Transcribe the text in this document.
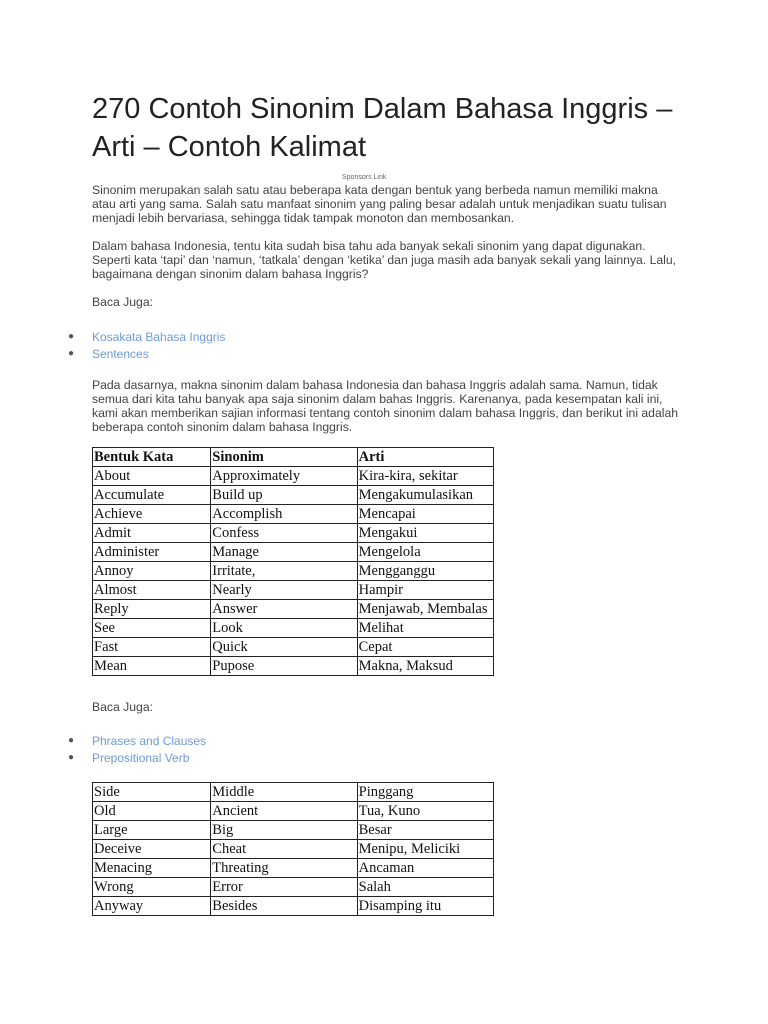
270 Contoh Sinonim Dalam Bahasa Inggris – Arti – Contoh Kalimat
Sponsors Link

Sinonim merupakan salah satu atau beberapa kata dengan bentuk yang berbeda namun memiliki makna atau arti yang sama. Salah satu manfaat sinonim yang paling besar adalah untuk menjadikan suatu tulisan menjadi lebih bervariasa, sehingga tidak tampak monoton dan membosankan.

Dalam bahasa Indonesia, tentu kita sudah bisa tahu ada banyak sekali sinonim yang dapat digunakan. Seperti kata ‘tapi’ dan ‘namun, ‘tatkala’ dengan ‘ketika’ dan juga masih ada banyak sekali yang lainnya. Lalu, bagaimana dengan sinonim dalam bahasa Inggris?

Baca Juga:

● Kosakata Bahasa Inggris
● Sentences

Pada dasarnya, makna sinonim dalam bahasa Indonesia dan bahasa Inggris adalah sama. Namun, tidak semua dari kita tahu banyak apa saja sinonim dalam bahas Inggris. Karenanya, pada kesempatan kali ini, kami akan memberikan sajian informasi tentang contoh sinonim dalam bahasa Inggris, dan berikut ini adalah beberapa contoh sinonim dalam bahasa Inggris.

Bentuk Kata	Sinonim	Arti
About	Approximately	Kira-kira, sekitar
Accumulate	Build up	Mengakumulasikan
Achieve	Accomplish	Mencapai
Admit	Confess	Mengakui
Administer	Manage	Mengelola
Annoy	Irritate,	Mengganggu
Almost	Nearly	Hampir
Reply	Answer	Menjawab, Membalas
See	Look	Melihat
Fast	Quick	Cepat
Mean	Pupose	Makna, Maksud

Baca Juga:

● Phrases and Clauses
● Prepositional Verb
Side	Middle	Pinggang
Old	Ancient	Tua, Kuno
Large	Big	Besar
Deceive	Cheat	Menipu, Meliciki
Menacing	Threating	Ancaman
Wrong	Error	Salah
Anyway	Besides	Disamping itu
